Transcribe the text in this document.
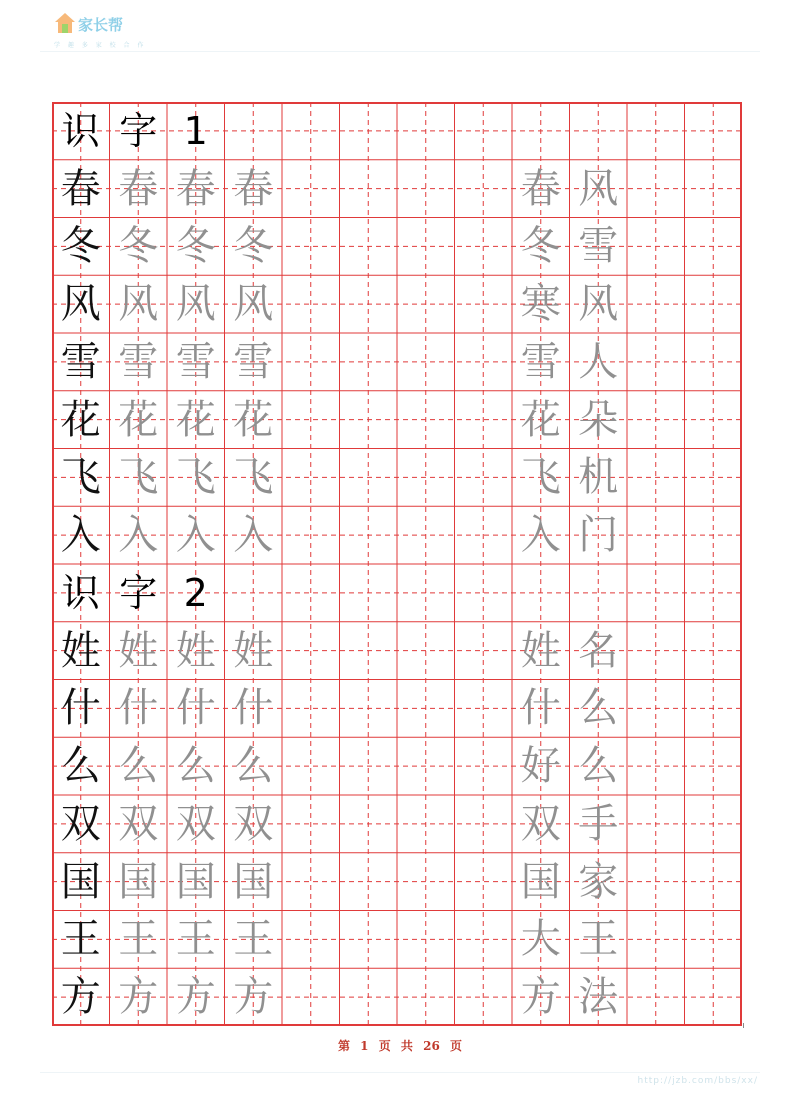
家长帮
学 趣 多 家 校 合 作
识 字 1
春 春 春 春	春 风
冬 冬 冬 冬	冬 雪
风 风 风 风	寒 风
雪 雪 雪 雪	雪 人
花 花 花 花	花 朵
飞 飞 飞 飞	飞 机
入 入 入 入	入 门
识 字 2
姓 姓 姓 姓	姓 名
什 什 什 什	什 么
么 么 么 么	好 么
双 双 双 双	双 手
国 国 国 国	国 家
王 王 王 王	大 王
方 方 方 方	方 法
第 1 页 共 26 页
http://jzb.com/bbs/xx/
